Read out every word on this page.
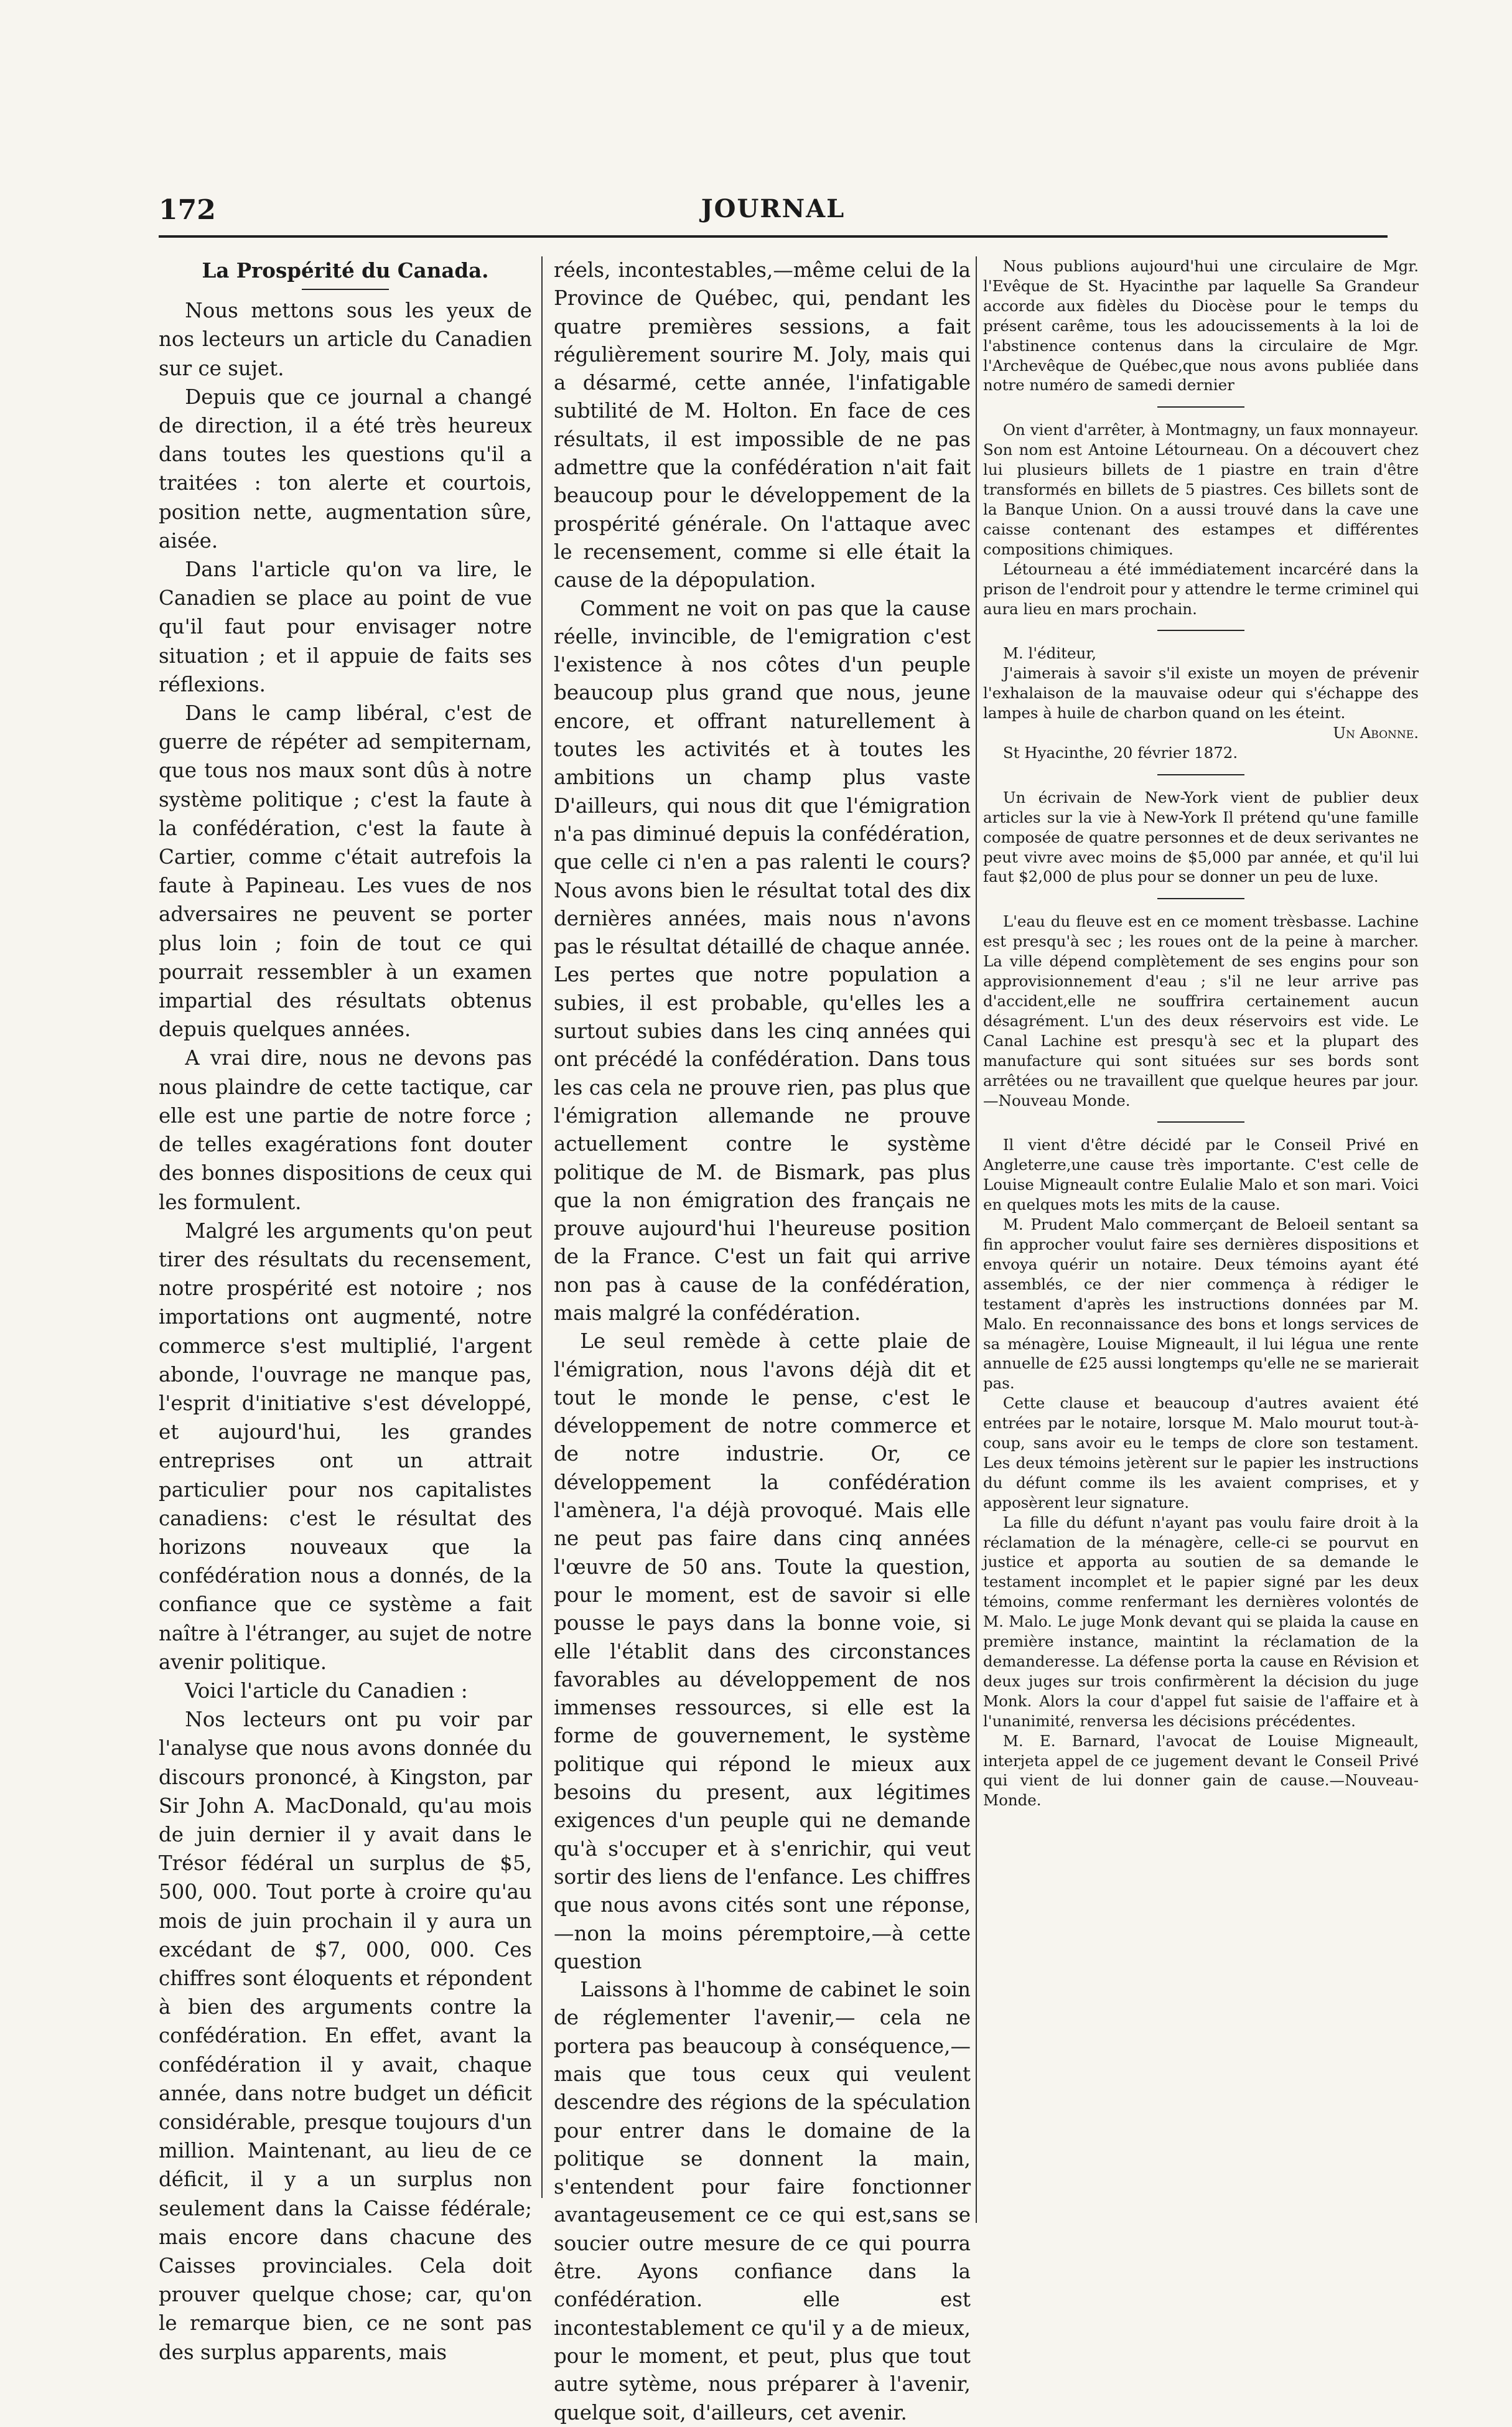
172	JOURNAL

La Prospérité du Canada.

Nous mettons sous les yeux de nos lecteurs un article du Canadien sur ce sujet.

Depuis que ce journal a changé de direction, il a été très heureux dans toutes les questions qu'il a traitées : ton alerte et courtois, position nette, augmentation sûre, aisée.

Dans l'article qu'on va lire, le Canadien se place au point de vue qu'il faut pour envisager notre situation ; et il appuie de faits ses réflexions.

Dans le camp libéral, c'est de guerre de répéter ad sempiternam, que tous nos maux sont dûs à notre système politique ; c'est la faute à la confédération, c'est la faute à Cartier, comme c'était autrefois la faute à Papineau. Les vues de nos adversaires ne peuvent se porter plus loin ; foin de tout ce qui pourrait ressembler à un examen impartial des résultats obtenus depuis quelques années.

A vrai dire, nous ne devons pas nous plaindre de cette tactique, car elle est une partie de notre force ; de telles exagérations font douter des bonnes dispositions de ceux qui les formulent.

Malgré les arguments qu'on peut tirer des résultats du recensement, notre prospérité est notoire ; nos importations ont augmenté, notre commerce s'est multiplié, l'argent abonde, l'ouvrage ne manque pas, l'esprit d'initiative s'est développé, et aujourd'hui, les grandes entreprises ont un attrait particulier pour nos capitalistes canadiens: c'est le résultat des horizons nouveaux que la confédération nous a donnés, de la confiance que ce système a fait naître à l'étranger, au sujet de notre avenir politique.

Voici l'article du Canadien :

Nos lecteurs ont pu voir par l'analyse que nous avons donnée du discours prononcé, à Kingston, par Sir John A. MacDonald, qu'au mois de juin dernier il y avait dans le Trésor fédéral un surplus de $5, 500, 000. Tout porte à croire qu'au mois de juin prochain il y aura un excédant de $7, 000, 000. Ces chiffres sont éloquents et répondent à bien des arguments contre la confédération. En effet, avant la confédération il y avait, chaque année, dans notre budget un déficit considérable, presque toujours d'un million. Maintenant, au lieu de ce déficit, il y a un surplus non seulement dans la Caisse fédérale; mais encore dans chacune des Caisses provinciales. Cela doit prouver quelque chose; car, qu'on le remarque bien, ce ne sont pas des surplus apparents, mais

réels, incontestables,—même celui de la Province de Québec, qui, pendant les quatre premières sessions, a fait régulièrement sourire M. Joly, mais qui a désarmé, cette année, l'infatigable subtilité de M. Holton. En face de ces résultats, il est impossible de ne pas admettre que la confédération n'ait fait beaucoup pour le développement de la prospérité générale. On l'attaque avec le recensement, comme si elle était la cause de la dépopulation.

Comment ne voit on pas que la cause réelle, invincible, de l'emigration c'est l'existence à nos côtes d'un peuple beaucoup plus grand que nous, jeune encore, et offrant naturellement à toutes les activités et à toutes les ambitions un champ plus vaste D'ailleurs, qui nous dit que l'émigration n'a pas diminué depuis la confédération, que celle ci n'en a pas ralenti le cours? Nous avons bien le résultat total des dix dernières années, mais nous n'avons pas le résultat détaillé de chaque année. Les pertes que notre population a subies, il est probable, qu'elles les a surtout subies dans les cinq années qui ont précédé la confédération. Dans tous les cas cela ne prouve rien, pas plus que l'émigration allemande ne prouve actuellement contre le système politique de M. de Bismark, pas plus que la non émigration des français ne prouve aujourd'hui l'heureuse position de la France. C'est un fait qui arrive non pas à cause de la confédération, mais malgré la confédération.

Le seul remède à cette plaie de l'émigration, nous l'avons déjà dit et tout le monde le pense, c'est le développement de notre commerce et de notre industrie. Or, ce développement la confédération l'amènera, l'a déjà provoqué. Mais elle ne peut pas faire dans cinq années l'œuvre de 50 ans. Toute la question, pour le moment, est de savoir si elle pousse le pays dans la bonne voie, si elle l'établit dans des circonstances favorables au développement de nos immenses ressources, si elle est la forme de gouvernement, le système politique qui répond le mieux aux besoins du present, aux légitimes exigences d'un peuple qui ne demande qu'à s'occuper et à s'enrichir, qui veut sortir des liens de l'enfance. Les chiffres que nous avons cités sont une réponse,—non la moins péremptoire,—à cette question

Laissons à l'homme de cabinet le soin de réglementer l'avenir,— cela ne portera pas beaucoup à conséquence,—mais que tous ceux qui veulent descendre des régions de la spéculation pour entrer dans le domaine de la politique se donnent la main, s'entendent pour faire fonctionner avantageusement ce ce qui est,sans se soucier outre mesure de ce qui pourra être. Ayons confiance dans la confédération. elle est incontestablement ce qu'il y a de mieux, pour le moment, et peut, plus que tout autre sytème, nous préparer à l'avenir, quelque soit, d'ailleurs, cet avenir.

Nous publions aujourd'hui une circulaire de Mgr. l'Evêque de St. Hyacinthe par laquelle Sa Grandeur accorde aux fidèles du Diocèse pour le temps du présent carême, tous les adoucissements à la loi de l'abstinence contenus dans la circulaire de Mgr. l'Archevêque de Québec,que nous avons publiée dans notre numéro de samedi dernier

On vient d'arrêter, à Montmagny, un faux monnayeur. Son nom est Antoine Létourneau. On a découvert chez lui plusieurs billets de 1 piastre en train d'être transformés en billets de 5 piastres. Ces billets sont de la Banque Union. On a aussi trouvé dans la cave une caisse contenant des estampes et différentes compositions chimiques.

Létourneau a été immédiatement incarcéré dans la prison de l'endroit pour y attendre le terme criminel qui aura lieu en mars prochain.

M. l'éditeur,

J'aimerais à savoir s'il existe un moyen de prévenir l'exhalaison de la mauvaise odeur qui s'échappe des lampes à huile de charbon quand on les éteint.

Un Abonne.

St Hyacinthe, 20 février 1872.

Un écrivain de New-York vient de publier deux articles sur la vie à New-York Il prétend qu'une famille composée de quatre personnes et de deux serivantes ne peut vivre avec moins de $5,000 par année, et qu'il lui faut $2,000 de plus pour se donner un peu de luxe.

L'eau du fleuve est en ce moment trèsbasse. Lachine est presqu'à sec ; les roues ont de la peine à marcher. La ville dépend complètement de ses engins pour son approvisionnement d'eau ; s'il ne leur arrive pas d'accident,elle ne souffrira certainement aucun désagrément. L'un des deux réservoirs est vide. Le Canal Lachine est presqu'à sec et la plupart des manufacture qui sont situées sur ses bords sont arrêtées ou ne travaillent que quelque heures par jour.—Nouveau Monde.

Il vient d'être décidé par le Conseil Privé en Angleterre,une cause très importante. C'est celle de Louise Migneault contre Eulalie Malo et son mari. Voici en quelques mots les mits de la cause.

M. Prudent Malo commerçant de Beloeil sentant sa fin approcher voulut faire ses dernières dispositions et envoya quérir un notaire. Deux témoins ayant été assemblés, ce der nier commença à rédiger le testament d'après les instructions données par M. Malo. En reconnaissance des bons et longs services de sa ménagère, Louise Migneault, il lui légua une rente annuelle de £25 aussi longtemps qu'elle ne se marierait pas.

Cette clause et beaucoup d'autres avaient été entrées par le notaire, lorsque M. Malo mourut tout-à-coup, sans avoir eu le temps de clore son testament. Les deux témoins jetèrent sur le papier les instructions du défunt comme ils les avaient comprises, et y apposèrent leur signature.

La fille du défunt n'ayant pas voulu faire droit à la réclamation de la ménagère, celle-ci se pourvut en justice et apporta au soutien de sa demande le testament incomplet et le papier signé par les deux témoins, comme renfermant les dernières volontés de M. Malo. Le juge Monk devant qui se plaida la cause en première instance, maintint la réclamation de la demanderesse. La défense porta la cause en Révision et deux juges sur trois confirmèrent la décision du juge Monk. Alors la cour d'appel fut saisie de l'affaire et à l'unanimité, renversa les décisions précédentes.

M. E. Barnard, l'avocat de Louise Migneault, interjeta appel de ce jugement devant le Conseil Privé qui vient de lui donner gain de cause.—Nouveau-Monde.
